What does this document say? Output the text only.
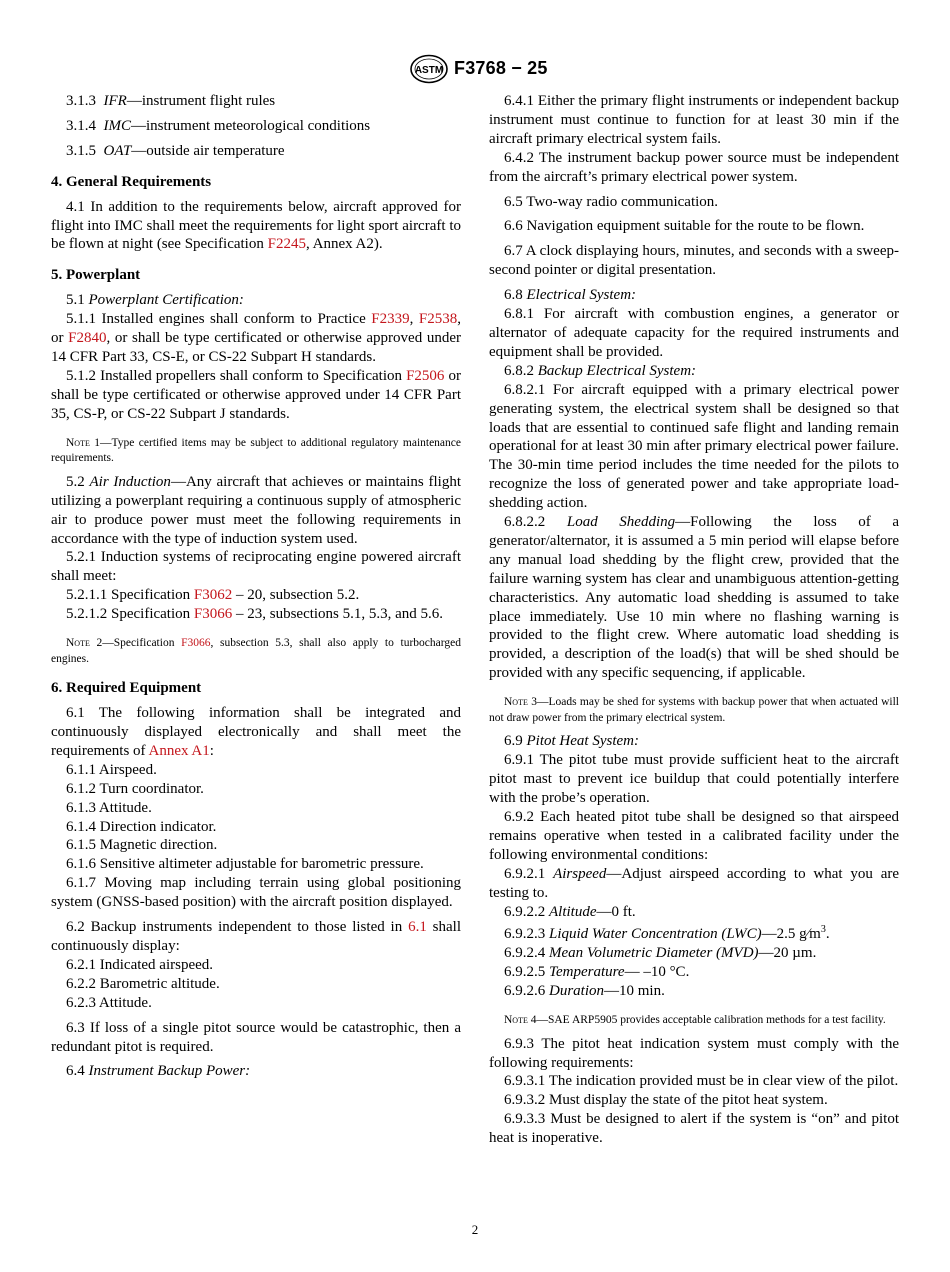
ASTM F3768 − 25

3.1.3 IFR—instrument flight rules

3.1.4 IMC—instrument meteorological conditions

3.1.5 OAT—outside air temperature

4. General Requirements

4.1 In addition to the requirements below, aircraft approved for flight into IMC shall meet the requirements for light sport aircraft to be flown at night (see Specification F2245, Annex A2).

5. Powerplant

5.1 Powerplant Certification:

5.1.1 Installed engines shall conform to Practice F2339, F2538, or F2840, or shall be type certificated or otherwise approved under 14 CFR Part 33, CS-E, or CS-22 Subpart H standards.

5.1.2 Installed propellers shall conform to Specification F2506 or shall be type certificated or otherwise approved under 14 CFR Part 35, CS-P, or CS-22 Subpart J standards.

Note 1—Type certified items may be subject to additional regulatory maintenance requirements.

5.2 Air Induction—Any aircraft that achieves or maintains flight utilizing a powerplant requiring a continuous supply of atmospheric air to produce power must meet the following requirements in accordance with the type of induction system used.

5.2.1 Induction systems of reciprocating engine powered aircraft shall meet:

5.2.1.1 Specification F3062 – 20, subsection 5.2.

5.2.1.2 Specification F3066 – 23, subsections 5.1, 5.3, and 5.6.

Note 2—Specification F3066, subsection 5.3, shall also apply to turbocharged engines.

6. Required Equipment

6.1 The following information shall be integrated and continuously displayed electronically and shall meet the requirements of Annex A1:

6.1.1 Airspeed.

6.1.2 Turn coordinator.

6.1.3 Attitude.

6.1.4 Direction indicator.

6.1.5 Magnetic direction.

6.1.6 Sensitive altimeter adjustable for barometric pressure.

6.1.7 Moving map including terrain using global positioning system (GNSS-based position) with the aircraft position displayed.

6.2 Backup instruments independent to those listed in 6.1 shall continuously display:

6.2.1 Indicated airspeed.

6.2.2 Barometric altitude.

6.2.3 Attitude.

6.3 If loss of a single pitot source would be catastrophic, then a redundant pitot is required.

6.4 Instrument Backup Power:

6.4.1 Either the primary flight instruments or independent backup instrument must continue to function for at least 30 min if the aircraft primary electrical system fails.

6.4.2 The instrument backup power source must be independent from the aircraft’s primary electrical power system.

6.5 Two-way radio communication.

6.6 Navigation equipment suitable for the route to be flown.

6.7 A clock displaying hours, minutes, and seconds with a sweep-second pointer or digital presentation.

6.8 Electrical System:

6.8.1 For aircraft with combustion engines, a generator or alternator of adequate capacity for the required instruments and equipment shall be provided.

6.8.2 Backup Electrical System:

6.8.2.1 For aircraft equipped with a primary electrical power generating system, the electrical system shall be designed so that loads that are essential to continued safe flight and landing remain operational for at least 30 min after primary electrical power failure. The 30-min time period includes the time needed for the pilots to recognize the loss of generated power and take appropriate load-shedding action.

6.8.2.2 Load Shedding—Following the loss of a generator/alternator, it is assumed a 5 min period will elapse before any manual load shedding by the flight crew, provided that the failure warning system has clear and unambiguous attention-getting characteristics. Any automatic load shedding is assumed to take place immediately. Use 10 min where no flashing warning is provided to the flight crew. Where automatic load shedding is provided, a description of the load(s) that will be shed should be provided with any specific sequencing, if applicable.

Note 3—Loads may be shed for systems with backup power that when actuated will not draw power from the primary electrical system.

6.9 Pitot Heat System:

6.9.1 The pitot tube must provide sufficient heat to the aircraft pitot mast to prevent ice buildup that could potentially interfere with the probe’s operation.

6.9.2 Each heated pitot tube shall be designed so that airspeed remains operative when tested in a calibrated facility under the following environmental conditions:

6.9.2.1 Airspeed—Adjust airspeed according to what you are testing to.

6.9.2.2 Altitude—0 ft.

6.9.2.3 Liquid Water Concentration (LWC)—2.5 $g⁄m^3$.

6.9.2.4 Mean Volumetric Diameter (MVD)—20 µm.

6.9.2.5 Temperature— –10 °C.

6.9.2.6 Duration—10 min.

Note 4—SAE ARP5905 provides acceptable calibration methods for a test facility.

6.9.3 The pitot heat indication system must comply with the following requirements:

6.9.3.1 The indication provided must be in clear view of the pilot.

6.9.3.2 Must display the state of the pitot heat system.

6.9.3.3 Must be designed to alert if the system is “on” and pitot heat is inoperative.

2
